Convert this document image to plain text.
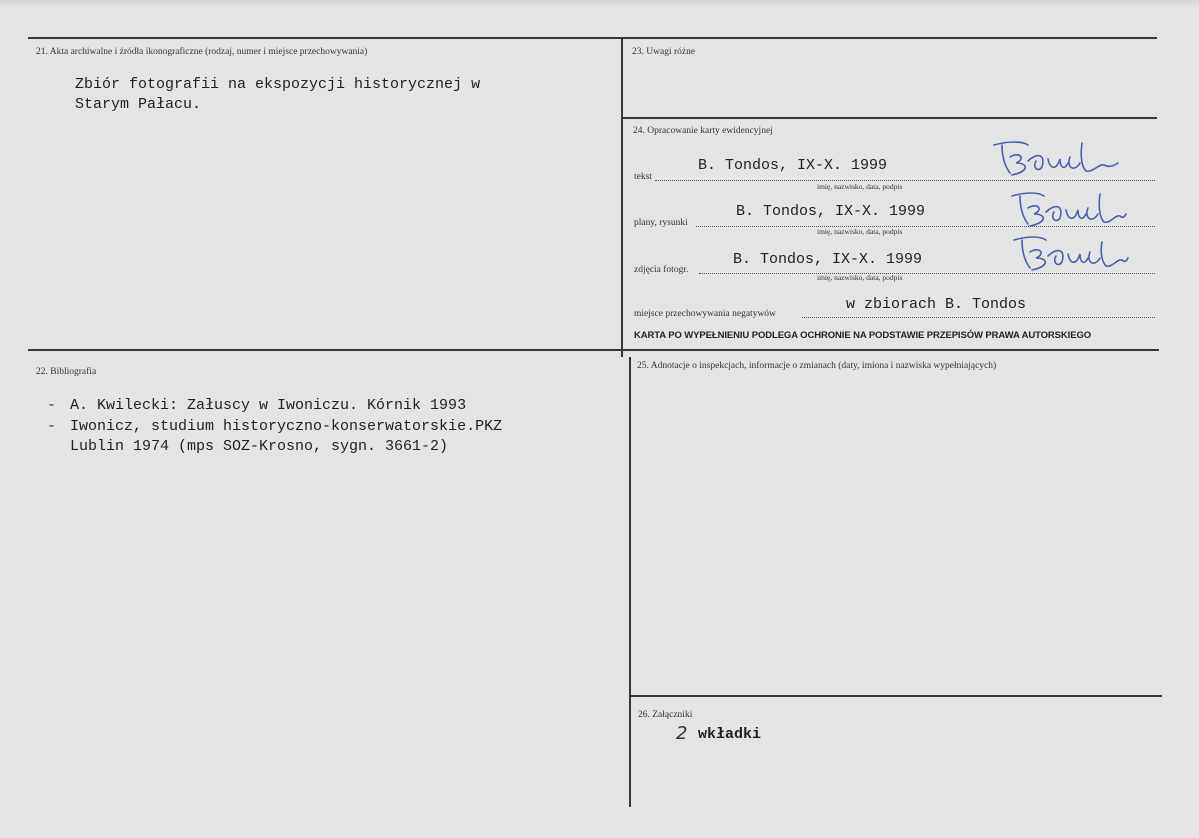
21. Akta archiwalne i źródła ikonograficzne (rodzaj, numer i miejsce przechowywania)
Zbiór fotografii na ekspozycji historycznej w
Starym Pałacu.
23. Uwagi różne
24. Opracowanie karty ewidencyjnej
tekst
B. Tondos, IX-X. 1999
imię, nazwisko, data, podpis
plany, rysunki
B. Tondos, IX-X. 1999
imię, nazwisko, data, podpis
zdjęcia fotogr.
B. Tondos, IX-X. 1999
imię, nazwisko, data, podpis
miejsce przechowywania negatywów
w zbiorach B. Tondos
KARTA PO WYPEŁNIENIU PODLEGA OCHRONIE NA PODSTAWIE PRZEPISÓW PRAWA AUTORSKIEGO
22. Bibliografia
- A. Kwilecki: Załuscy w Iwoniczu. Kórnik 1993
- Iwonicz, studium historyczno-konserwatorskie.PKZ
Lublin 1974 (mps SOZ-Krosno, sygn. 3661-2)
25. Adnotacje o inspekcjach, informacje o zmianach (daty, imiona i nazwiska wypełniających)
26. Załączniki
2 wkładki
